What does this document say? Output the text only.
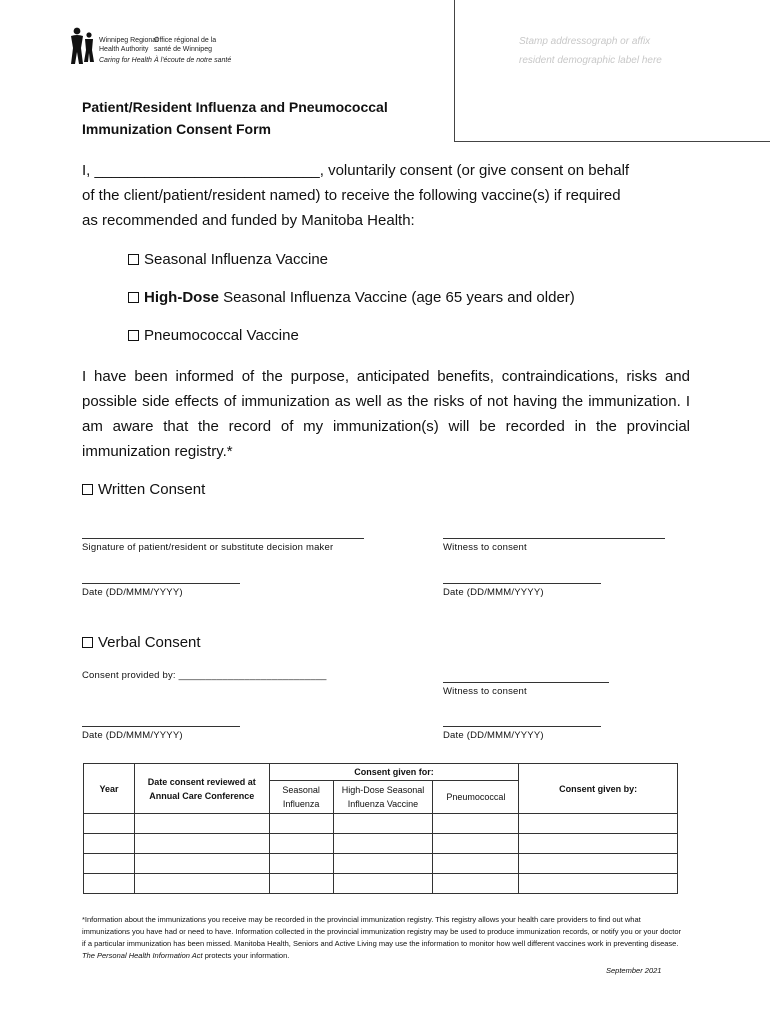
Winnipeg Regional
Health Authority
Caring for Health
Office régional de la
santé de Winnipeg
À l'écoute de notre santé
Stamp addressograph or affix
resident demographic label here
Patient/Resident Influenza and Pneumococcal
Immunization Consent Form
I, ___________________________, voluntarily consent (or give consent on behalf
of the client/patient/resident named) to receive the following vaccine(s) if required
as recommended and funded by Manitoba Health:
Seasonal Influenza Vaccine
High-Dose Seasonal Influenza Vaccine (age 65 years and older)
Pneumococcal Vaccine
I have been informed of the purpose, anticipated benefits, contraindications, risks and possible side effects of immunization as well as the risks of not having the immunization. I am aware that the record of my immunization(s) will be recorded in the provincial immunization registry.*
Written Consent
Signature of patient/resident or substitute decision maker	Witness to consent
Date (DD/MMM/YYYY)	Date (DD/MMM/YYYY)
Verbal Consent
Consent provided by: ___________________________
Witness to consent
Date (DD/MMM/YYYY)	Date (DD/MMM/YYYY)
Year	Date consent reviewed at Annual Care Conference	Consent given for:			Consent given by:
		Seasonal Influenza	High-Dose Seasonal Influenza Vaccine	Pneumococcal	

*Information about the immunizations you receive may be recorded in the provincial immunization registry. This registry allows your health care providers to find out what immunizations you have had or need to have. Information collected in the provincial immunization registry may be used to produce immunization records, or notify you or your doctor if a particular immunization has been missed. Manitoba Health, Seniors and Active Living may use the information to monitor how well different vaccines work in preventing disease. The Personal Health Information Act protects your information.
September 2021
